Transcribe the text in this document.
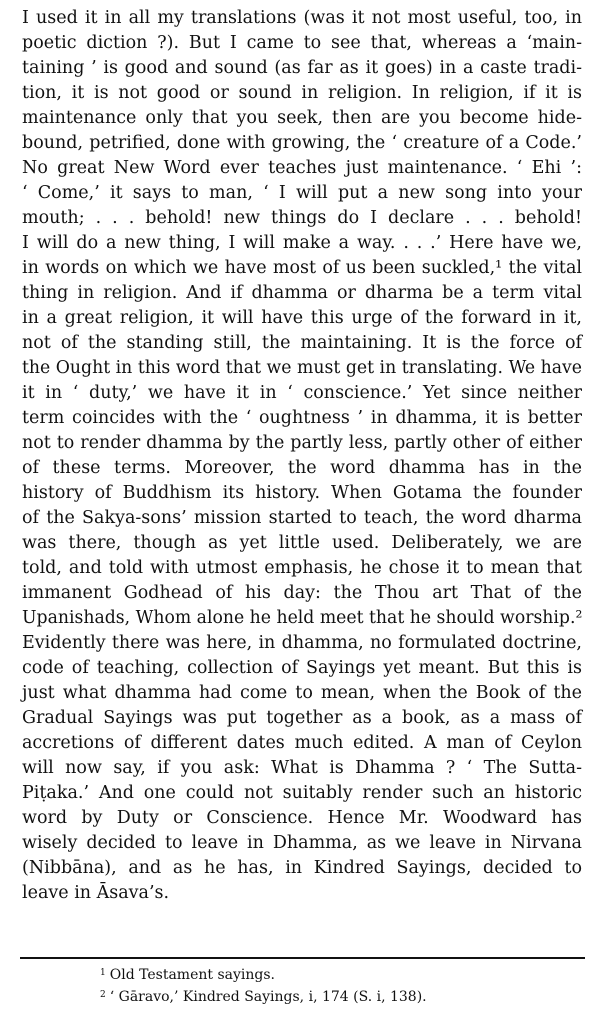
I used it in all my translations (was it not most useful, too, in
poetic diction ?). But I came to see that, whereas a ‘main-
taining ’ is good and sound (as far as it goes) in a caste tradi-
tion, it is not good or sound in religion. In religion, if it is
maintenance only that you seek, then are you become hide-
bound, petrified, done with growing, the ‘ creature of a Code.’
No great New Word ever teaches just maintenance. ‘ Ehi ’:
‘ Come,’ it says to man, ‘ I will put a new song into your
mouth; . . . behold! new things do I declare . . . behold!
I will do a new thing, I will make a way. . . .’ Here have we,
in words on which we have most of us been suckled,¹ the vital
thing in religion. And if dhamma or dharma be a term vital
in a great religion, it will have this urge of the forward in it,
not of the standing still, the maintaining. It is the force of
the Ought in this word that we must get in translating. We have
it in ‘ duty,’ we have it in ‘ conscience.’ Yet since neither
term coincides with the ‘ oughtness ’ in dhamma, it is better
not to render dhamma by the partly less, partly other of either
of these terms. Moreover, the word dhamma has in the
history of Buddhism its history. When Gotama the founder
of the Sakya-sons’ mission started to teach, the word dharma
was there, though as yet little used. Deliberately, we are
told, and told with utmost emphasis, he chose it to mean that
immanent Godhead of his day: the Thou art That of the
Upanishads, Whom alone he held meet that he should worship.²
Evidently there was here, in dhamma, no formulated doctrine,
code of teaching, collection of Sayings yet meant. But this is
just what dhamma had come to mean, when the Book of the
Gradual Sayings was put together as a book, as a mass of
accretions of different dates much edited. A man of Ceylon
will now say, if you ask: What is Dhamma ? ‘ The Sutta-
Piṭaka.’ And one could not suitably render such an historic
word by Duty or Conscience. Hence Mr. Woodward has
wisely decided to leave in Dhamma, as we leave in Nirvana
(Nibbāna), and as he has, in Kindred Sayings, decided to
leave in Āsava’s.
$^1$ Old Testament sayings.
$^2$ ‘ Gāravo,’ Kindred Sayings, i, 174 (S. i, 138).
